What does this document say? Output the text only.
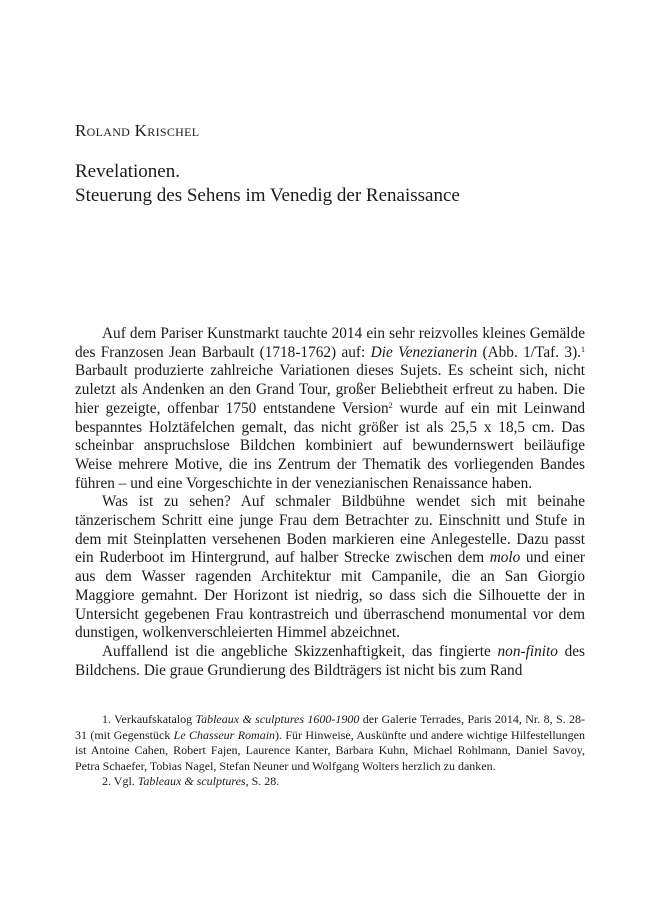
Roland Krischel
Revelationen.
Steuerung des Sehens im Venedig der Renaissance

Auf dem Pariser Kunstmarkt tauchte 2014 ein sehr reizvolles kleines Gemälde des Franzosen Jean Barbault (1718-1762) auf: Die Venezianerin (Abb. 1/Taf. 3).$^1$ Barbault produzierte zahlreiche Variationen dieses Sujets. Es scheint sich, nicht zuletzt als Andenken an den Grand Tour, großer Beliebtheit erfreut zu haben. Die hier gezeigte, offenbar 1750 entstandene Version$^2$ wurde auf ein mit Leinwand bespanntes Holztäfelchen gemalt, das nicht größer ist als 25,5 x 18,5 cm. Das scheinbar anspruchslose Bildchen kombiniert auf bewundernswert beiläufige Weise mehrere Motive, die ins Zentrum der Thematik des vorliegenden Bandes führen – und eine Vorgeschichte in der venezianischen Renaissance haben.

Was ist zu sehen? Auf schmaler Bildbühne wendet sich mit beinahe tänzerischem Schritt eine junge Frau dem Betrachter zu. Einschnitt und Stufe in dem mit Steinplatten versehenen Boden markieren eine Anlegestelle. Dazu passt ein Ruderboot im Hintergrund, auf halber Strecke zwischen dem molo und einer aus dem Wasser ragenden Architektur mit Campanile, die an San Giorgio Maggiore gemahnt. Der Horizont ist niedrig, so dass sich die Silhouette der in Untersicht gegebenen Frau kontrastreich und überraschend monumental vor dem dunstigen, wolkenverschleierten Himmel abzeichnet.

Auffallend ist die angebliche Skizzenhaftigkeit, das fingierte non-finito des Bildchens. Die graue Grundierung des Bildträgers ist nicht bis zum Rand

1. Verkaufskatalog Tableaux & sculptures 1600-1900 der Galerie Terrades, Paris 2014, Nr. 8, S. 28-31 (mit Gegenstück Le Chasseur Romain). Für Hinweise, Auskünfte und andere wichtige Hilfestellungen ist Antoine Cahen, Robert Fajen, Laurence Kanter, Barbara Kuhn, Michael Rohlmann, Daniel Savoy, Petra Schaefer, Tobias Nagel, Stefan Neuner und Wolfgang Wolters herzlich zu danken.

2. Vgl. Tableaux & sculptures, S. 28.
